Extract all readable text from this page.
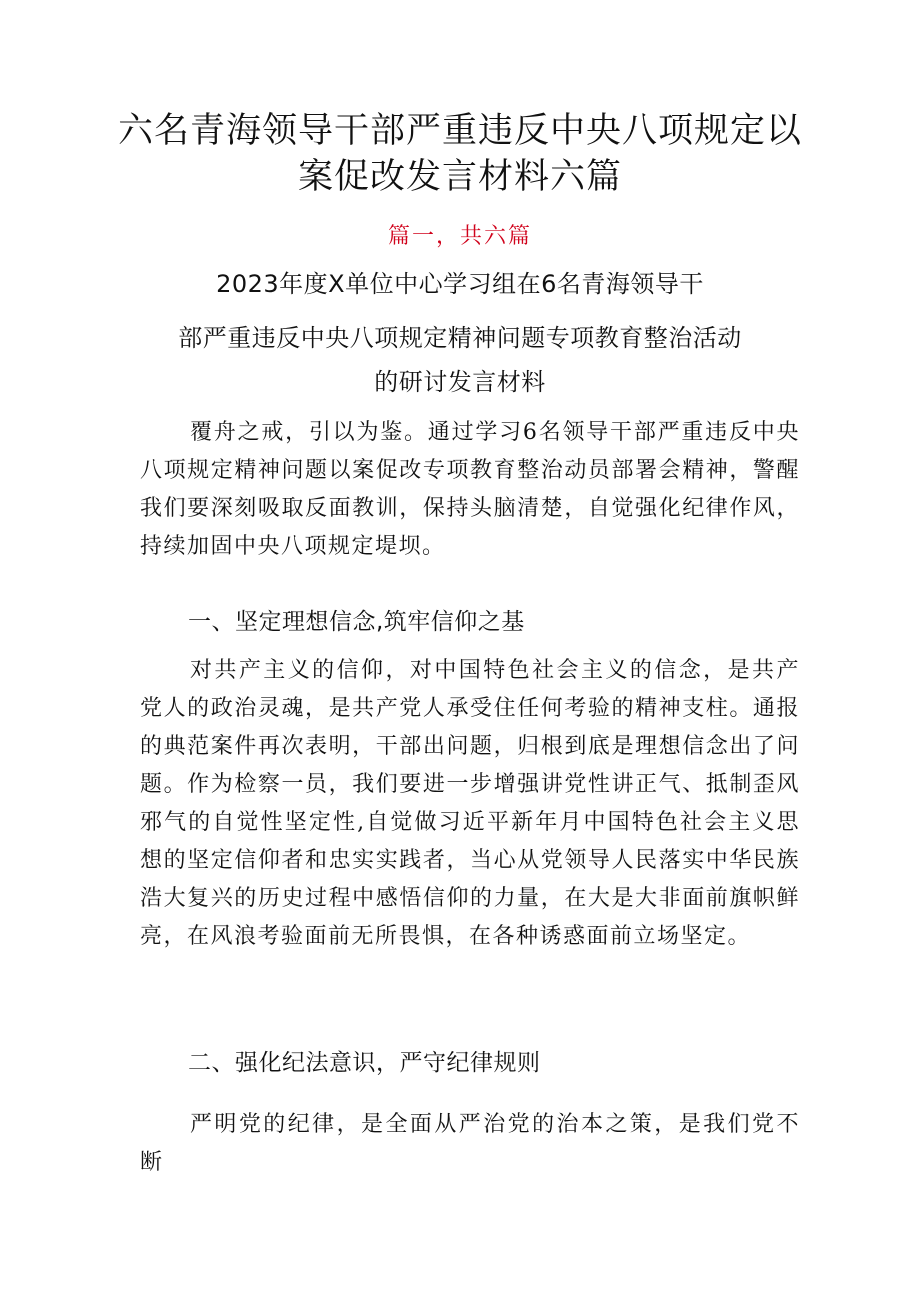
六名青海领导干部严重违反中央八项规定以
案促改发言材料六篇
篇一，共六篇
2023年度X单位中心学习组在6名青海领导干
部严重违反中央八项规定精神问题专项教育整治活动
的研讨发言材料

覆舟之戒，引以为鉴。通过学习6名领导干部严重违反中央八项规定精神问题以案促改专项教育整治动员部署会精神，警醒我们要深刻吸取反面教训，保持头脑清楚，自觉强化纪律作风，持续加固中央八项规定堤坝。

一、坚定理想信念,筑牢信仰之基

对共产主义的信仰，对中国特色社会主义的信念，是共产党人的政治灵魂，是共产党人承受住任何考验的精神支柱。通报的典范案件再次表明，干部出问题，归根到底是理想信念出了问题。作为检察一员，我们要进一步增强讲党性讲正气、抵制歪风邪气的自觉性坚定性,自觉做习近平新年月中国特色社会主义思想的坚定信仰者和忠实实践者，当心从党领导人民落实中华民族浩大复兴的历史过程中感悟信仰的力量，在大是大非面前旗帜鲜亮，在风浪考验面前无所畏惧，在各种诱惑面前立场坚定。

二、强化纪法意识，严守纪律规则

严明党的纪律，是全面从严治党的治本之策，是我们党不断
